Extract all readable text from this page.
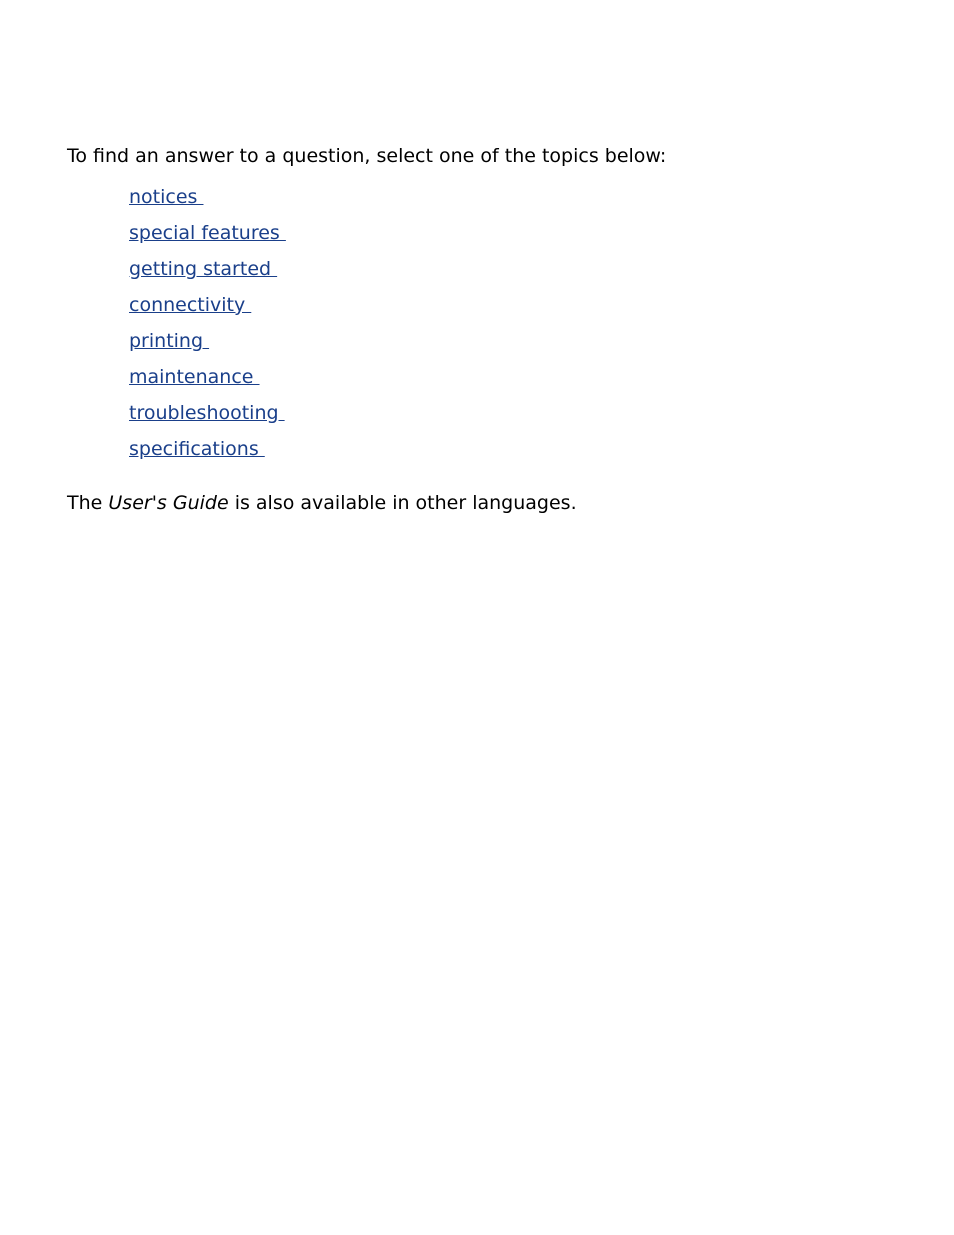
To find an answer to a question, select one of the topics below:

notices
special features
getting started
connectivity
printing
maintenance
troubleshooting
specifications

The User's Guide is also available in other languages.
